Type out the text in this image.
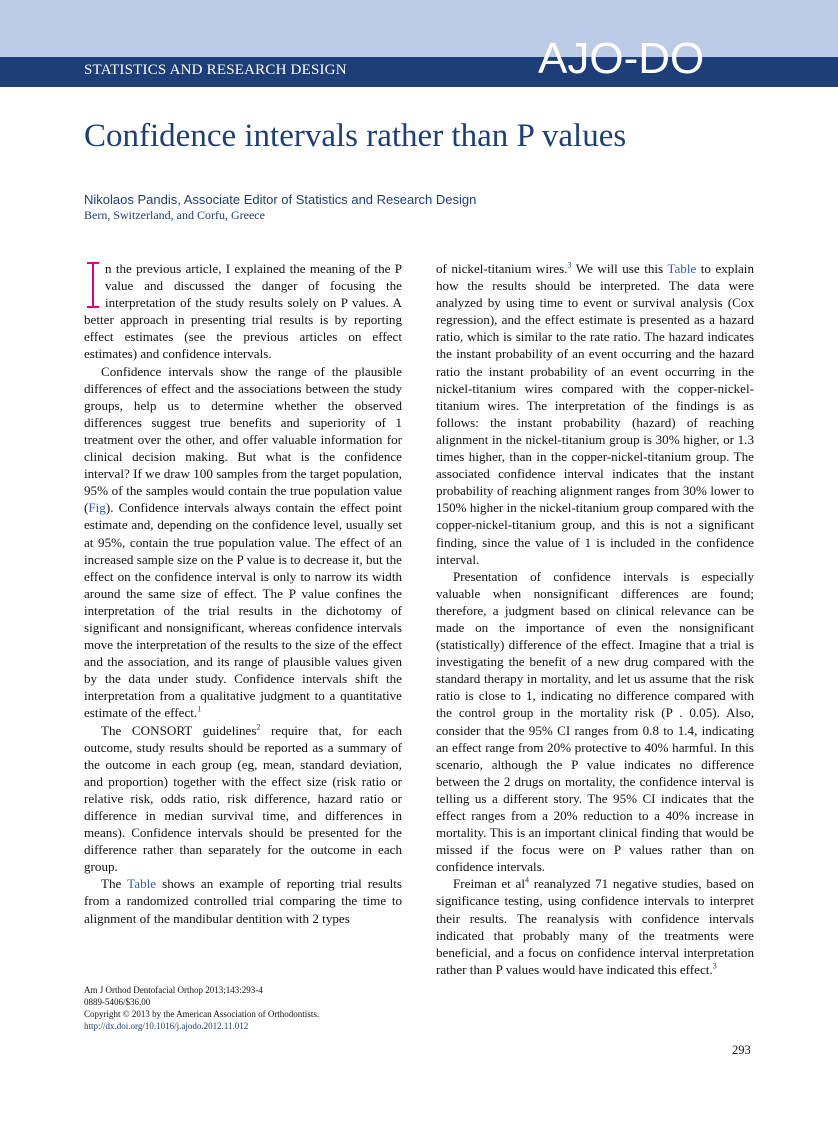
STATISTICS AND RESEARCH DESIGN	AJO-DO
Confidence intervals rather than P values
Nikolaos Pandis, Associate Editor of Statistics and Research Design
Bern, Switzerland, and Corfu, Greece

n the previous article, I explained the meaning of the P value and discussed the danger of focusing the interpretation of the study results solely on P values. A better approach in presenting trial results is by reporting effect estimates (see the previous articles on effect estimates) and confidence intervals.

Confidence intervals show the range of the plausible differences of effect and the associations between the study groups, help us to determine whether the observed differences suggest true benefits and superiority of 1 treatment over the other, and offer valuable information for clinical decision making. But what is the confidence interval? If we draw 100 samples from the target population, 95% of the samples would contain the true population value (Fig). Confidence intervals always contain the effect point estimate and, depending on the confidence level, usually set at 95%, contain the true population value. The effect of an increased sample size on the P value is to decrease it, but the effect on the confidence interval is only to narrow its width around the same size of effect. The P value confines the interpretation of the trial results in the dichotomy of significant and nonsignificant, whereas confidence intervals move the interpretation of the results to the size of the effect and the association, and its range of plausible values given by the data under study. Confidence intervals shift the interpretation from a qualitative judgment to a quantitative estimate of the effect.$^1$

The CONSORT guidelines$^2$ require that, for each outcome, study results should be reported as a summary of the outcome in each group (eg, mean, standard deviation, and proportion) together with the effect size (risk ratio or relative risk, odds ratio, risk difference, hazard ratio or difference in median survival time, and differences in means). Confidence intervals should be presented for the difference rather than separately for the outcome in each group.

The Table shows an example of reporting trial results from a randomized controlled trial comparing the time to alignment of the mandibular dentition with 2 types

of nickel-titanium wires.$^3$ We will use this Table to explain how the results should be interpreted. The data were analyzed by using time to event or survival analysis (Cox regression), and the effect estimate is presented as a hazard ratio, which is similar to the rate ratio. The hazard indicates the instant probability of an event occurring and the hazard ratio the instant probability of an event occurring in the nickel-titanium wires compared with the copper-nickel-titanium wires. The interpretation of the findings is as follows: the instant probability (hazard) of reaching alignment in the nickel-titanium group is 30% higher, or 1.3 times higher, than in the copper-nickel-titanium group. The associated confidence interval indicates that the instant probability of reaching alignment ranges from 30% lower to 150% higher in the nickel-titanium group compared with the copper-nickel-titanium group, and this is not a significant finding, since the value of 1 is included in the confidence interval.

Presentation of confidence intervals is especially valuable when nonsignificant differences are found; therefore, a judgment based on clinical relevance can be made on the importance of even the nonsignificant (statistically) difference of the effect. Imagine that a trial is investigating the benefit of a new drug compared with the standard therapy in mortality, and let us assume that the risk ratio is close to 1, indicating no difference compared with the control group in the mortality risk (P . 0.05). Also, consider that the 95% CI ranges from 0.8 to 1.4, indicating an effect range from 20% protective to 40% harmful. In this scenario, although the P value indicates no difference between the 2 drugs on mortality, the confidence interval is telling us a different story. The 95% CI indicates that the effect ranges from a 20% reduction to a 40% increase in mortality. This is an important clinical finding that would be missed if the focus were on P values rather than on confidence intervals.

Freiman et al$^4$ reanalyzed 71 negative studies, based on significance testing, using confidence intervals to interpret their results. The reanalysis with confidence intervals indicated that probably many of the treatments were beneficial, and a focus on confidence interval interpretation rather than P values would have indicated this effect.$^3$

Am J Orthod Dentofacial Orthop 2013;143:293-4
0889-5406/$36.00
Copyright © 2013 by the American Association of Orthodontists.
http://dx.doi.org/10.1016/j.ajodo.2012.11.012
293
